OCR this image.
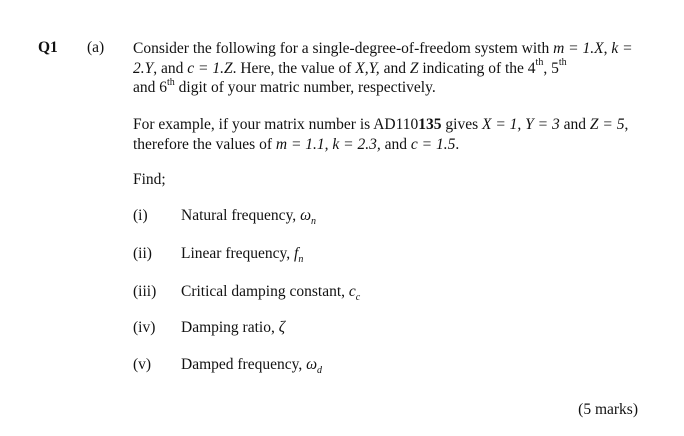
Q1 (a) Consider the following for a single-degree-of-freedom system with m = 1.X, k = 2.Y, and c = 1.Z. Here, the value of X,Y, and Z indicating of the 4th, 5th
and 6th digit of your matric number, respectively.
For example, if your matrix number is AD110135 gives X = 1, Y = 3 and Z = 5, therefore the values of m = 1.1, k = 2.3, and c = 1.5.
Find;
(i) Natural frequency, $\omega_n$
(ii) Linear frequency, $f_n$
(iii) Critical damping constant, $c_c$
(iv) Damping ratio, ζ
(v) Damped frequency, $\omega_d$
(5 marks)
